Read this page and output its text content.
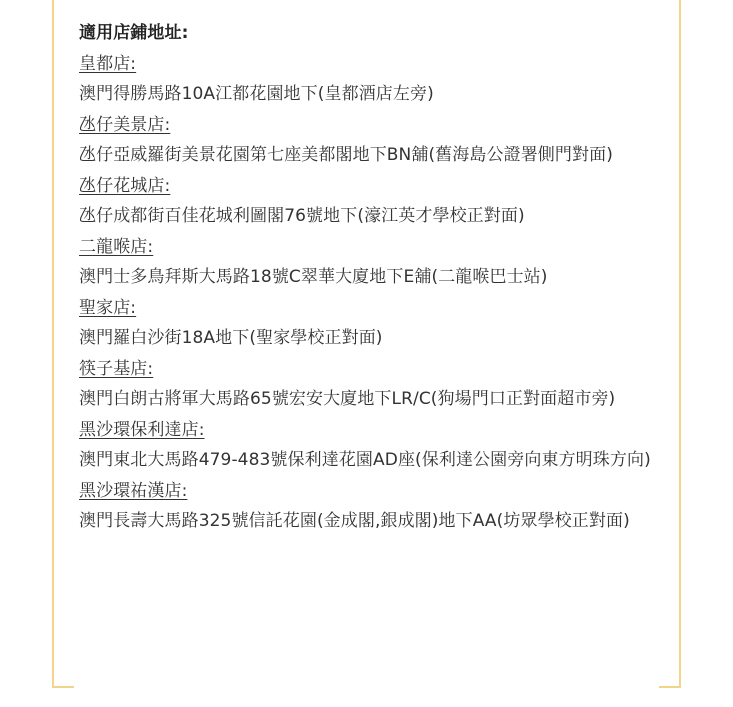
適用店鋪地址:

皇都店:

澳門得勝馬路10A江都花園地下(皇都酒店左旁)

氹仔美景店:

氹仔亞威羅街美景花園第七座美都閣地下BN舖(舊海島公證署側門對面)

氹仔花城店:

氹仔成都街百佳花城利圖閣76號地下(濠江英才學校正對面)

二龍喉店:

澳門士多鳥拜斯大馬路18號C翠華大廈地下E舖(二龍喉巴士站)

聖家店:

澳門羅白沙街18A地下(聖家學校正對面)

筷子基店:

澳門白朗古將軍大馬路65號宏安大廈地下LR/C(狗場門口正對面超市旁)

黑沙環保利達店:

澳門東北大馬路479-483號保利達花園AD座(保利達公園旁向東方明珠方向)

黑沙環祐漢店:

澳門長壽大馬路325號信託花園(金成閣,銀成閣)地下AA(坊眾學校正對面)
